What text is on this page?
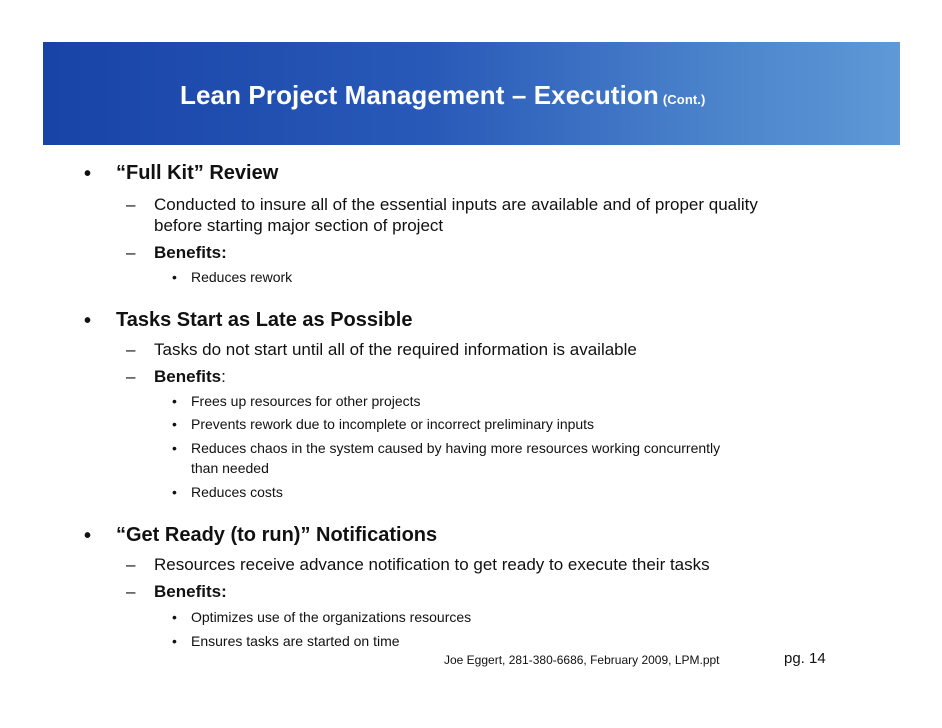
Lean Project Management – Execution (Cont.)
• “Full Kit” Review
– Conducted to insure all of the essential inputs are available and of proper quality
before starting major section of project
– Benefits:
• Reduces rework
• Tasks Start as Late as Possible
– Tasks do not start until all of the required information is available
– Benefits:
• Frees up resources for other projects
• Prevents rework due to incomplete or incorrect preliminary inputs
• Reduces chaos in the system caused by having more resources working concurrently
than needed
• Reduces costs
• “Get Ready (to run)” Notifications
– Resources receive advance notification to get ready to execute their tasks
– Benefits:
• Optimizes use of the organizations resources
• Ensures tasks are started on time
Joe Eggert, 281-380-6686, February 2009, LPM.ppt	pg. 14
